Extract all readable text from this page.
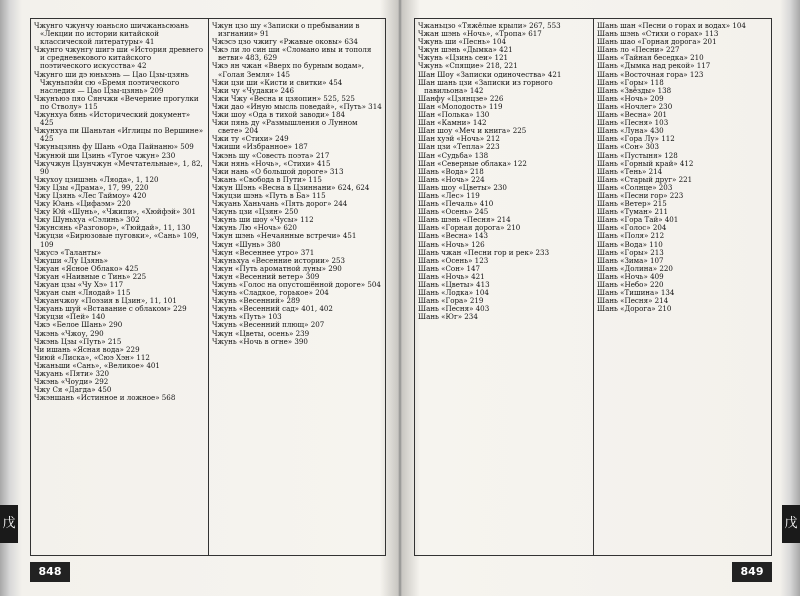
Чжунго чжунчу юаньсяо шичжаньсюань «Лекции по истории китайской классической литературы» 41

Чжунго чжунгу шигэ ши «История древнего и средневекового китайского поэтического искусства» 42

Чжунго ши дэ юньхэнь — Цао Цзы-цзянь Чжуньпэйи сю «Бремя поэтического наследия — Цао Цзы-цзянь» 209

Чжунъюэ пяо Сянчжи «Вечерние прогулки по Стволу» 115

Чжунхуа бянь «Исторический документ» 425

Чжунхуа пи Шаньтан «Иглицы по Вершине» 425

Чжуньцзянь фу Шань «Ода Пайнаню» 509

Чжунюй ши Цзинь «Тугое чжун» 230

Чжучжун Цзунчжун «Мечтательные», 1, 82, 90

Чжухоу цзишэнь «Ляода», 1, 120

Чжу Цзы «Драма», 17, 99, 220

Чжу Цзянь «Лес Таймоу» 420

Чжу Юань «Цифаэм» 220

Чжу Юй «Шунь», «Чжипи», «Хюйфэй» 301

Чжу Шуньхуа «Сэлинь» 302

Чжунсянь «Разговор», «Тюйдай», 11, 130

Чжуцзи «Бирюзовые пуговки», «Сань» 109, 109

Чжусэ «Таланты»

Чжуши «Лу Цзянь»

Чжуан «Ясное Облако» 425

Чжуан «Наивные с Тинь» 225

Чжуан цзы «Чу Хэ» 117

Чжуан сын «Ляодай» 115

Чжуанчжоу «Поэзия в Цзин», 11, 101

Чжуань шуй «Вставание с облаком» 229

Чжуцзи «Пей» 140

Чжэ «Белое Шань» 290

Чжэнь «Чжоу, 290

Чжэнь Цзы «Путь» 215

Чи ишань «Ясная вода» 229

Чиюй «Лиска», «Сюэ Хэн» 112

Чжаньши «Сань», «Великое» 401

Чжуань «Пяти» 320

Чжэнь «Чоуди» 292

Чжу Ся «Дагда» 450

Чжэншань «Истинное и ложное» 568

Чжун цзо шу «Записки о пребывании в изгнании» 91

Чжэсэ цзо чжигу «Ржавые оковы» 634

Чжэ ли ло син ши «Сломано ивы и тополя ветви» 483, 629

Чжэ ян чжан «Вверх по бурным водам», «Голая Земля» 145

Чжи цзи ши «Кисти и свитки» 454

Чжи чу «Чудаки» 246

Чжи Чжу «Весна и цзяопин» 525, 525

Чжи дао «Иную мысль поведай», «Путь» 314

Чжи шоу «Ода в тихой заводи» 184

Чжи пянь ду «Размышления о Лунном свете» 204

Чжи ту «Стихи» 249

Чжиши «Избранное» 187

Чжэнь шу «Совесть поэта» 217

Чжи нянь «Ночь», «Стихи» 415

Чжи нань «О большой дороге» 313

Чжань «Свобода в Пути» 115

Чжун Шэнь «Весна в Цзиннани» 624, 624

Чжуцзи шэнь «Путь в Ба» 115

Чжуань Ханьчань «Пять дорог» 244

Чжунь цзи «Цзян» 250

Чжунь ши шоу «Чусы» 112

Чжунь Лю «Ночь» 620

Чжун шэнь «Нечаянные встречи» 451

Чжун «Шунь» 380

Чжун «Весеннее утро» 371

Чжуньхуа «Весенние истории» 253

Чжун «Путь ароматной луны» 290

Чжун «Весенний ветер» 309

Чжунь «Голос на опустошённой дороге» 504

Чжунь «Сладкое, горькое» 204

Чжунь «Весенний» 289

Чжунь «Весенний сад» 401, 402

Чжунь «Путь» 103

Чжунь «Весенний плющ» 207

Чжун «Цветы, осень» 239

Чжунь «Ночь в огне» 390

848

Чжаньцзо «Тяжёлые крыли» 267, 553

Чжан шэнь «Ночь», «Тропа» 617

Чжунь ши «Песнь» 104

Чжун шэнь «Дымка» 421

Чжунь «Цзинь сеи» 121

Чжунь «Спящие» 218, 221

Шан Шоу «Записки одиночества» 421

Шан шань цзи «Записки из горного павильона» 142

Шанфу «Цзянцзе» 226

Шан «Молодость» 119

Шан «Полька» 130

Шан «Камни» 142

Шан шоу «Меч и книга» 225

Шан хуэй «Ночь» 212

Шан цзи «Тепла» 223

Шан «Судьба» 138

Шан «Северные облака» 122

Шань «Вода» 218

Шань «Ночь» 224

Шань шоу «Цветы» 230

Шань «Лес» 119

Шань «Печаль» 410

Шань «Осень» 245

Шань шэнь «Песня» 214

Шань «Горная дорога» 210

Шань «Весна» 143

Шань «Ночь» 126

Шань чжан «Песни гор и рек» 233

Шань «Осень» 123

Шань «Сон» 147

Шань «Ночь» 421

Шань «Цветы» 413

Шань «Лодка» 104

Шань «Гора» 219

Шань «Песня» 403

Шань «Юг» 234

Шань шан «Песни о горах и водах» 104

Шань шэнь «Стихи о горах» 113

Шань шао «Горная дорога» 201

Шань ло «Песни» 227

Шань «Тайная беседка» 210

Шань «Дымка над рекой» 117

Шань «Восточная гора» 123

Шань «Горы» 118

Шань «Звёзды» 138

Шань «Ночь» 209

Шань «Ночлег» 230

Шань «Весна» 201

Шань «Песня» 103

Шань «Луна» 430

Шань «Гора Лу» 112

Шань «Сон» 303

Шань «Пустыня» 128

Шань «Горный край» 412

Шань «Тень» 214

Шань «Старый друг» 221

Шань «Солнце» 203

Шань «Песни гор» 223

Шань «Ветер» 215

Шань «Туман» 211

Шань «Гора Тай» 401

Шань «Голос» 204

Шань «Поля» 212

Шань «Вода» 110

Шань «Горы» 213

Шань «Зима» 107

Шань «Долина» 220

Шань «Ночь» 409

Шань «Небо» 220

Шань «Тишина» 134

Шань «Песня» 214

Шань «Дорога» 210

849
戊	戊
